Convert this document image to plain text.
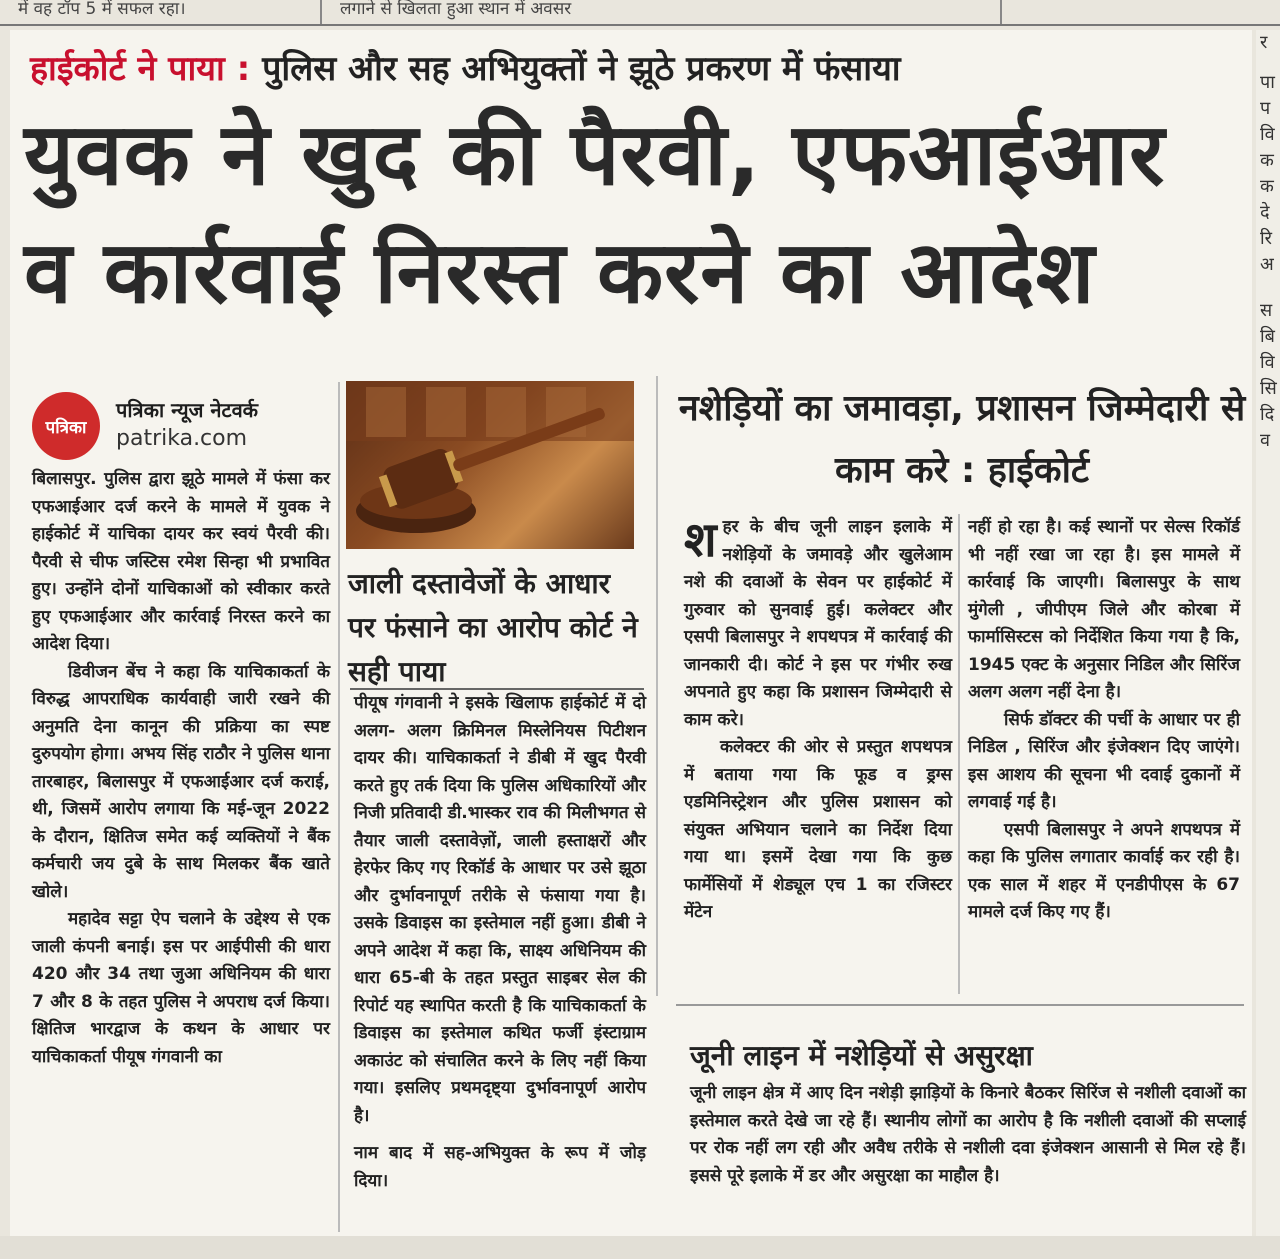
में वह टॉप 5 में सफल रहा।	लगाने से खिलता हुआ स्थान में अवसर
र
पा
प
वि
क
क
दे
रि
अ
स
बि
वि
सि
दि
व
हाईकोर्ट ने पाया : पुलिस और सह अभियुक्तों ने झूठे प्रकरण में फंसाया
युवक ने खुद की पैरवी, एफआईआर
व कार्रवाई निरस्त करने का आदेश
पत्रिका
पत्रिका न्यूज नेटवर्क
patrika.com

बिलासपुर. पुलिस द्वारा झूठे मामले में फंसा कर एफआईआर दर्ज करने के मामले में युवक ने हाईकोर्ट में याचिका दायर कर स्वयं पैरवी की। पैरवी से चीफ जस्टिस रमेश सिन्हा भी प्रभावित हुए। उन्होंने दोनों याचिकाओं को स्वीकार करते हुए एफआईआर और कार्रवाई निरस्त करने का आदेश दिया।

डिवीजन बेंच ने कहा कि याचिकाकर्ता के विरुद्ध आपराधिक कार्यवाही जारी रखने की अनुमति देना कानून की प्रक्रिया का स्पष्ट दुरुपयोग होगा। अभय सिंह राठौर ने पुलिस थाना तारबाहर, बिलासपुर में एफआईआर दर्ज कराई, थी, जिसमें आरोप लगाया कि मई-जून 2022 के दौरान, क्षितिज समेत कई व्यक्तियों ने बैंक कर्मचारी जय दुबे के साथ मिलकर बैंक खाते खोले।

महादेव सट्टा ऐप चलाने के उद्देश्य से एक जाली कंपनी बनाई। इस पर आईपीसी की धारा 420 और 34 तथा जुआ अधिनियम की धारा 7 और 8 के तहत पुलिस ने अपराध दर्ज किया। क्षितिज भारद्वाज के कथन के आधार पर याचिकाकर्ता पीयूष गंगवानी का

जाली दस्तावेजों के आधार पर फंसाने का आरोप कोर्ट ने सही पाया

पीयूष गंगवानी ने इसके खिलाफ हाईकोर्ट में दो अलग- अलग क्रिमिनल मिस्लेनियस पिटीशन दायर की। याचिकाकर्ता ने डीबी में खुद पैरवी करते हुए तर्क दिया कि पुलिस अधिकारियों और निजी प्रतिवादी डी.भास्कर राव की मिलीभगत से तैयार जाली दस्तावेज़ों, जाली हस्ताक्षरों और हेरफेर किए गए रिकॉर्ड के आधार पर उसे झूठा और दुर्भावनापूर्ण तरीके से फंसाया गया है। उसके डिवाइस का इस्तेमाल नहीं हुआ। डीबी ने अपने आदेश में कहा कि, साक्ष्य अधिनियम की धारा 65-बी के तहत प्रस्तुत साइबर सेल की रिपोर्ट यह स्थापित करती है कि याचिकाकर्ता के डिवाइस का इस्तेमाल कथित फर्जी इंस्टाग्राम अकाउंट को संचालित करने के लिए नहीं किया गया। इसलिए प्रथमदृष्ट्या दुर्भावनापूर्ण आरोप है।

नाम बाद में सह-अभियुक्त के रूप में जोड़ दिया।

नशेड़ियों का जमावड़ा, प्रशासन जिम्मेदारी से काम करे : हाईकोर्ट

शहर के बीच जूनी लाइन इलाके में नशेड़ियों के जमावड़े और खुलेआम नशे की दवाओं के सेवन पर हाईकोर्ट में गुरुवार को सुनवाई हुई। कलेक्टर और एसपी बिलासपुर ने शपथपत्र में कार्रवाई की जानकारी दी। कोर्ट ने इस पर गंभीर रुख अपनाते हुए कहा कि प्रशासन जिम्मेदारी से काम करे।

कलेक्टर की ओर से प्रस्तुत शपथपत्र में बताया गया कि फूड व ड्रग्स एडमिनिस्ट्रेशन और पुलिस प्रशासन को संयुक्त अभियान चलाने का निर्देश दिया गया था। इसमें देखा गया कि कुछ फार्मेसियों में शेड्यूल एच 1 का रजिस्टर मेंटेन

नहीं हो रहा है। कई स्थानों पर सेल्स रिकॉर्ड भी नहीं रखा जा रहा है। इस मामले में कार्रवाई कि जाएगी। बिलासपुर के साथ मुंगेली , जीपीएम जिले और कोरबा में फार्मासिस्टस को निर्देशित किया गया है कि, 1945 एक्ट के अनुसार निडिल और सिरिंज अलग अलग नहीं देना है।

सिर्फ डॉक्टर की पर्ची के आधार पर ही निडिल , सिरिंज और इंजेक्शन दिए जाएंगे। इस आशय की सूचना भी दवाई दुकानों में लगवाई गई है।

एसपी बिलासपुर ने अपने शपथपत्र में कहा कि पुलिस लगातार कार्वाई कर रही है। एक साल में शहर में एनडीपीएस के 67 मामले दर्ज किए गए हैं।

जूनी लाइन में नशेड़ियों से असुरक्षा
जूनी लाइन क्षेत्र में आए दिन नशेड़ी झाड़ियों के किनारे बैठकर सिरिंज से नशीली दवाओं का इस्तेमाल करते देखे जा रहे हैं। स्थानीय लोगों का आरोप है कि नशीली दवाओं की सप्लाई पर रोक नहीं लग रही और अवैध तरीके से नशीली दवा इंजेक्शन आसानी से मिल रहे हैं। इससे पूरे इलाके में डर और असुरक्षा का माहौल है।
